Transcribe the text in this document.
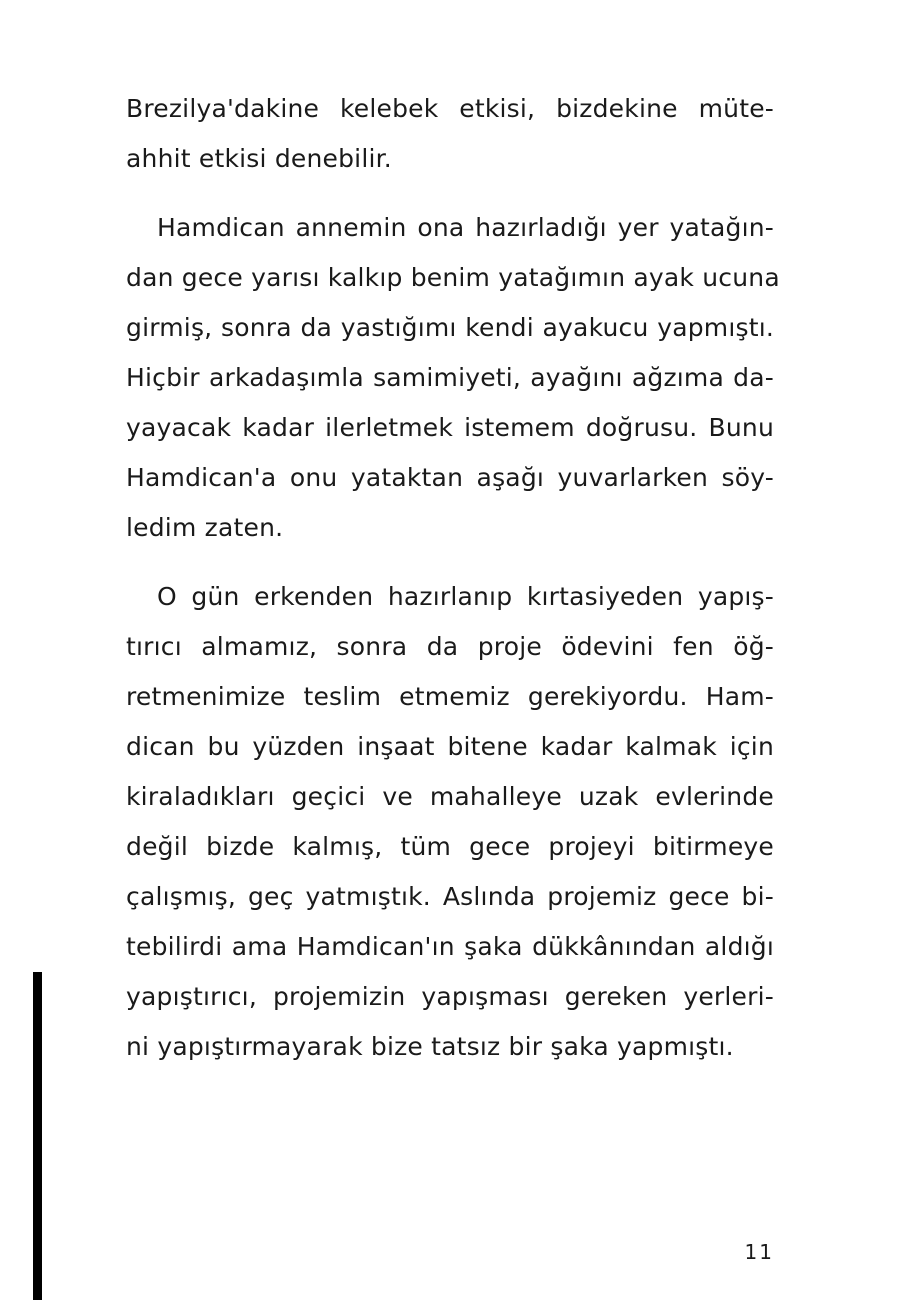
Brezilya'dakine kelebek etkisi, bizdekine müte-
ahhit etkisi denebilir.

Hamdican annemin ona hazırladığı yer yatağın-
dan gece yarısı kalkıp benim yatağımın ayak ucuna
girmiş, sonra da yastığımı kendi ayakucu yapmıştı.
Hiçbir arkadaşımla samimiyeti, ayağını ağzıma da-
yayacak kadar ilerletmek istemem doğrusu. Bunu
Hamdican'a onu yataktan aşağı yuvarlarken söy-
ledim zaten.

O gün erkenden hazırlanıp kırtasiyeden yapış-
tırıcı almamız, sonra da proje ödevini fen öğ-
retmenimize teslim etmemiz gerekiyordu. Ham-
dican bu yüzden inşaat bitene kadar kalmak için
kiraladıkları geçici ve mahalleye uzak evlerinde
değil bizde kalmış, tüm gece projeyi bitirmeye
çalışmış, geç yatmıştık. Aslında projemiz gece bi-
tebilirdi ama Hamdican'ın şaka dükkânından aldığı
yapıştırıcı, projemizin yapışması gereken yerleri-
ni yapıştırmayarak bize tatsız bir şaka yapmıştı.

11
